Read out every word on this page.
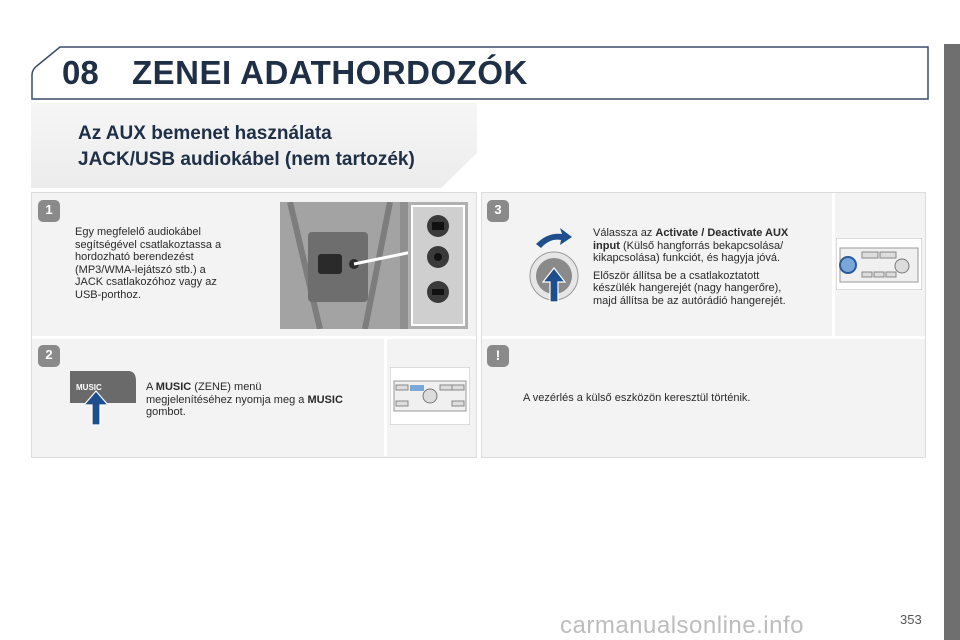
08 ZENEI ADATHORDOZÓK
Az AUX bemenet használata
JACK/USB audiokábel (nem tartozék)
1
Egy megfelelő audiokábel
segítségével csatlakoztassa a
hordozható berendezést
(MP3/WMA-lejátszó stb.) a
JACK csatlakozóhoz vagy az
USB-porthoz.
2
MUSIC	A MUSIC (ZENE) menü
megjelenítéséhez nyomja meg a MUSIC
gombot.
3
Válassza az Activate / Deactivate AUX
input (Külső hangforrás bekapcsolása/
kikapcsolása) funkciót, és hagyja jóvá.
Először állítsa be a csatlakoztatott
készülék hangerejét (nagy hangerőre),
majd állítsa be az autórádió hangerejét.
!
A vezérlés a külső eszközön keresztül történik.
carmanualsonline.info	353
